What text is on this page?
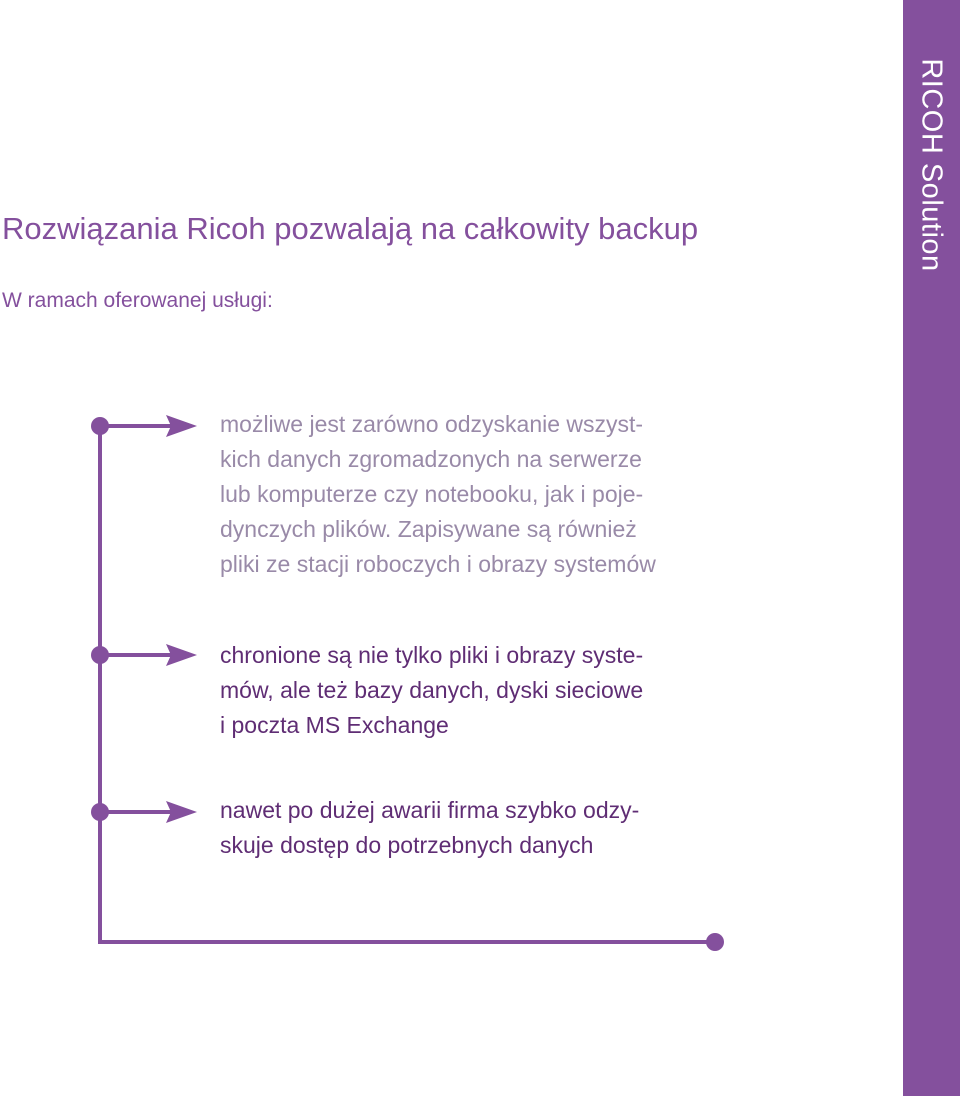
RICOH Solution
Rozwiązania Ricoh pozwalają na całkowity backup

W ramach oferowanej usługi:

możliwe jest zarówno odzyskanie wszyst-
kich danych zgromadzonych na serwerze
lub komputerze czy notebooku, jak i poje-
dynczych plików. Zapisywane są również
pliki ze stacji roboczych i obrazy systemów

chronione są nie tylko pliki i obrazy syste-
mów, ale też bazy danych, dyski sieciowe
i poczta MS Exchange

nawet po dużej awarii firma szybko odzy-
skuje dostęp do potrzebnych danych
